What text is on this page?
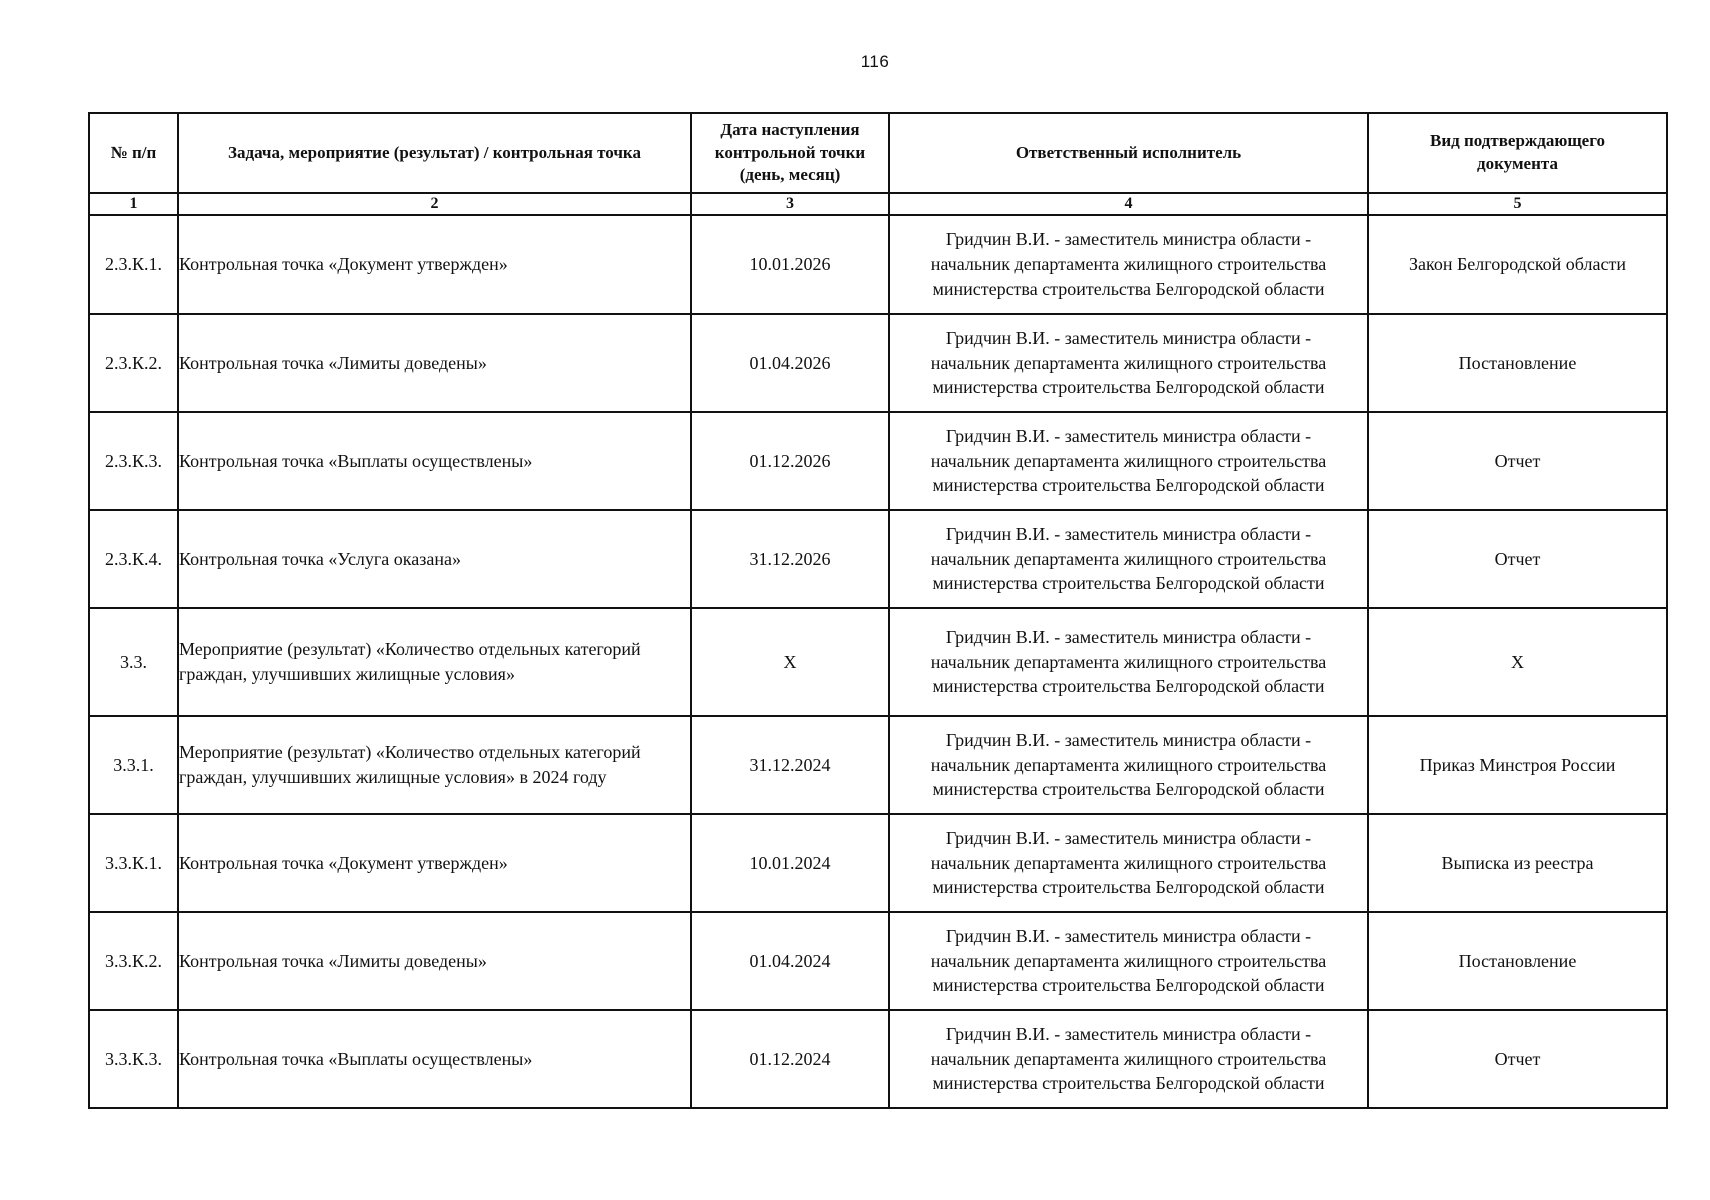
116
№ п/п	Задача, мероприятие (результат) / контрольная точка	Дата наступления
контрольной точки
(день, месяц)	Ответственный исполнитель	Вид подтверждающего
документа

1	2	3	4	5
2.3.К.1.	Контрольная точка «Документ утвержден»	10.01.2026	Гридчин В.И. - заместитель министра области -
начальник департамента жилищного строительства
министерства строительства Белгородской области	Закон Белгородской области
2.3.К.2.	Контрольная точка «Лимиты доведены»	01.04.2026	Гридчин В.И. - заместитель министра области -
начальник департамента жилищного строительства
министерства строительства Белгородской области	Постановление
2.3.К.3.	Контрольная точка «Выплаты осуществлены»	01.12.2026	Гридчин В.И. - заместитель министра области -
начальник департамента жилищного строительства
министерства строительства Белгородской области	Отчет
2.3.К.4.	Контрольная точка «Услуга оказана»	31.12.2026	Гридчин В.И. - заместитель министра области -
начальник департамента жилищного строительства
министерства строительства Белгородской области	Отчет
3.3.	Мероприятие (результат) «Количество отдельных категорий граждан, улучшивших жилищные условия»	X	Гридчин В.И. - заместитель министра области -
начальник департамента жилищного строительства
министерства строительства Белгородской области	X
3.3.1.	Мероприятие (результат) «Количество отдельных категорий граждан, улучшивших жилищные условия» в 2024 году	31.12.2024	Гридчин В.И. - заместитель министра области -
начальник департамента жилищного строительства
министерства строительства Белгородской области	Приказ Минстроя России
3.3.К.1.	Контрольная точка «Документ утвержден»	10.01.2024	Гридчин В.И. - заместитель министра области -
начальник департамента жилищного строительства
министерства строительства Белгородской области	Выписка из реестра
3.3.К.2.	Контрольная точка «Лимиты доведены»	01.04.2024	Гридчин В.И. - заместитель министра области -
начальник департамента жилищного строительства
министерства строительства Белгородской области	Постановление
3.3.К.3.	Контрольная точка «Выплаты осуществлены»	01.12.2024	Гридчин В.И. - заместитель министра области -
начальник департамента жилищного строительства
министерства строительства Белгородской области	Отчет
